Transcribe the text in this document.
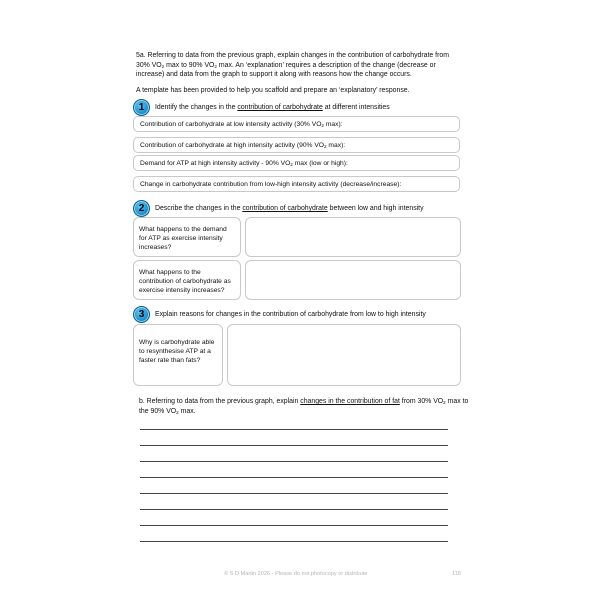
5a. Referring to data from the previous graph, explain changes in the contribution of carbohydrate from 30% $VO_2$ max to 90% $VO_2$ max. An ‘explanation’ requires a description of the change (decrease or increase) and data from the graph to support it along with reasons how the change occurs.

A template has been provided to help you scaffold and prepare an ‘explanatory’ response.

1	Identify the changes in the contribution of carbohydrate at different intensities
Contribution of carbohydrate at low intensity activity (30% $VO_2$ max):
Contribution of carbohydrate at high intensity activity (90% $VO_2$ max):
Demand for ATP at high intensity activity - 90% $VO_2$ max (low or high):
Change in carbohydrate contribution from low-high intensity activity (decrease/increase):
2	Describe the changes in the contribution of carbohydrate between low and high intensity
What happens to the demand for ATP as exercise intensity increases?
What happens to the contribution of carbohydrate as exercise intensity increases?
3	Explain reasons for changes in the contribution of carbohydrate from low to high intensity
Why is carbohydrate able to resynthesise ATP at a faster rate than fats?
b. Referring to data from the previous graph, explain changes in the contribution of fat from 30% $VO_2$ max to the 90% $VO_2$ max.
© S D Martin 2026 - Please do not photocopy or distribute	118
